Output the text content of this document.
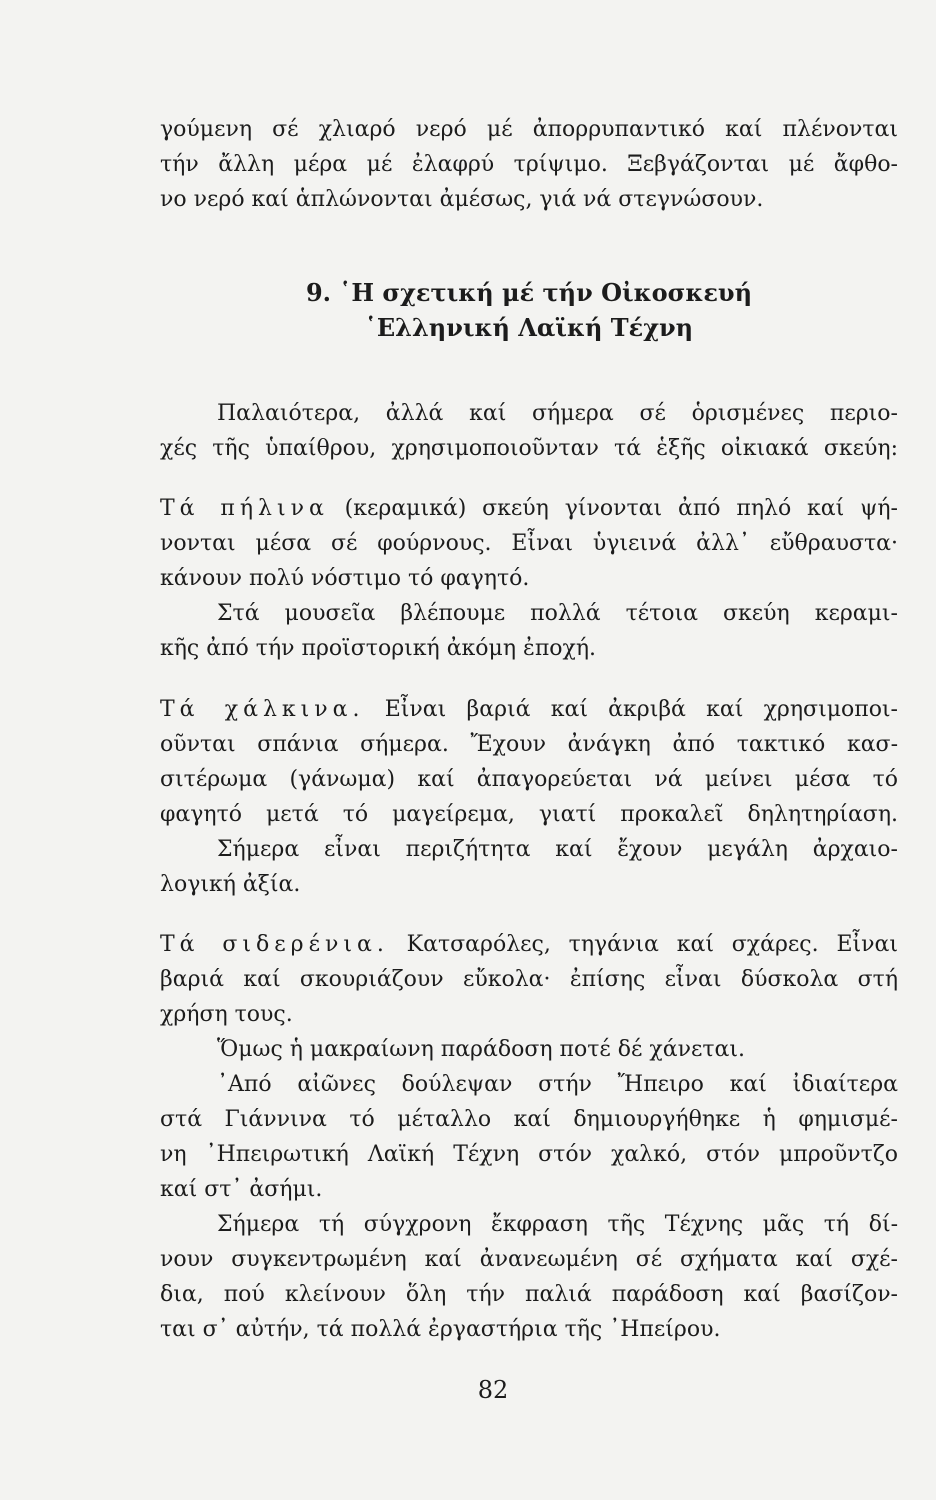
γούμενη σέ χλιαρό νερό μέ ἀπορρυπαντικό καί πλένονται
τήν ἄλλη μέρα μέ ἐλαφρύ τρίψιμο. Ξεβγάζονται μέ ἄφθο-
νο νερό καί ἁπλώνονται ἀμέσως, γιά νά στεγνώσουν.
9. ῾Η σχετική μέ τήν Οἰκοσκευή
῾Ελληνική Λαϊκή Τέχνη
Παλαιότερα, ἀλλά καί σήμερα σέ ὁρισμένες περιο-
χές τῆς ὑπαίθρου, χρησιμοποιοῦνταν τά ἑξῆς οἰκιακά σκεύη:
Τά πήλινα (κεραμικά) σκεύη γίνονται ἀπό πηλό καί ψή-
νονται μέσα σέ φούρνους. Εἶναι ὑγιεινά ἀλλ᾽ εὔθραυστα·
κάνουν πολύ νόστιμο τό φαγητό.
Στά μουσεῖα βλέπουμε πολλά τέτοια σκεύη κεραμι-
κῆς ἀπό τήν προϊστορική ἀκόμη ἐποχή.
Τά χάλκινα. Εἶναι βαριά καί ἀκριβά καί χρησιμοποι-
οῦνται σπάνια σήμερα. Ἔχουν ἀνάγκη ἀπό τακτικό κασ-
σιτέρωμα (γάνωμα) καί ἀπαγορεύεται νά μείνει μέσα τό
φαγητό μετά τό μαγείρεμα, γιατί προκαλεῖ δηλητηρίαση.
Σήμερα εἶναι περιζήτητα καί ἔχουν μεγάλη ἀρχαιο-
λογική ἀξία.
Τά σιδερένια. Κατσαρόλες, τηγάνια καί σχάρες. Εἶναι
βαριά καί σκουριάζουν εὔκολα· ἐπίσης εἶναι δύσκολα στή
χρήση τους.
Ὅμως ἡ μακραίωνη παράδοση ποτέ δέ χάνεται.
᾿Από αἰῶνες δούλεψαν στήν Ἤπειρο καί ἰδιαίτερα
στά Γιάννινα τό μέταλλο καί δημιουργήθηκε ἡ φημισμέ-
νη ᾿Ηπειρωτική Λαϊκή Τέχνη στόν χαλκό, στόν μπροῦντζο
καί στ᾽ ἀσήμι.
Σήμερα τή σύγχρονη ἔκφραση τῆς Τέχνης μᾶς τή δί-
νουν συγκεντρωμένη καί ἀνανεωμένη σέ σχήματα καί σχέ-
δια, πού κλείνουν ὅλη τήν παλιά παράδοση καί βασίζον-
ται σ᾽ αὐτήν, τά πολλά ἐργαστήρια τῆς ᾿Ηπείρου.
82
